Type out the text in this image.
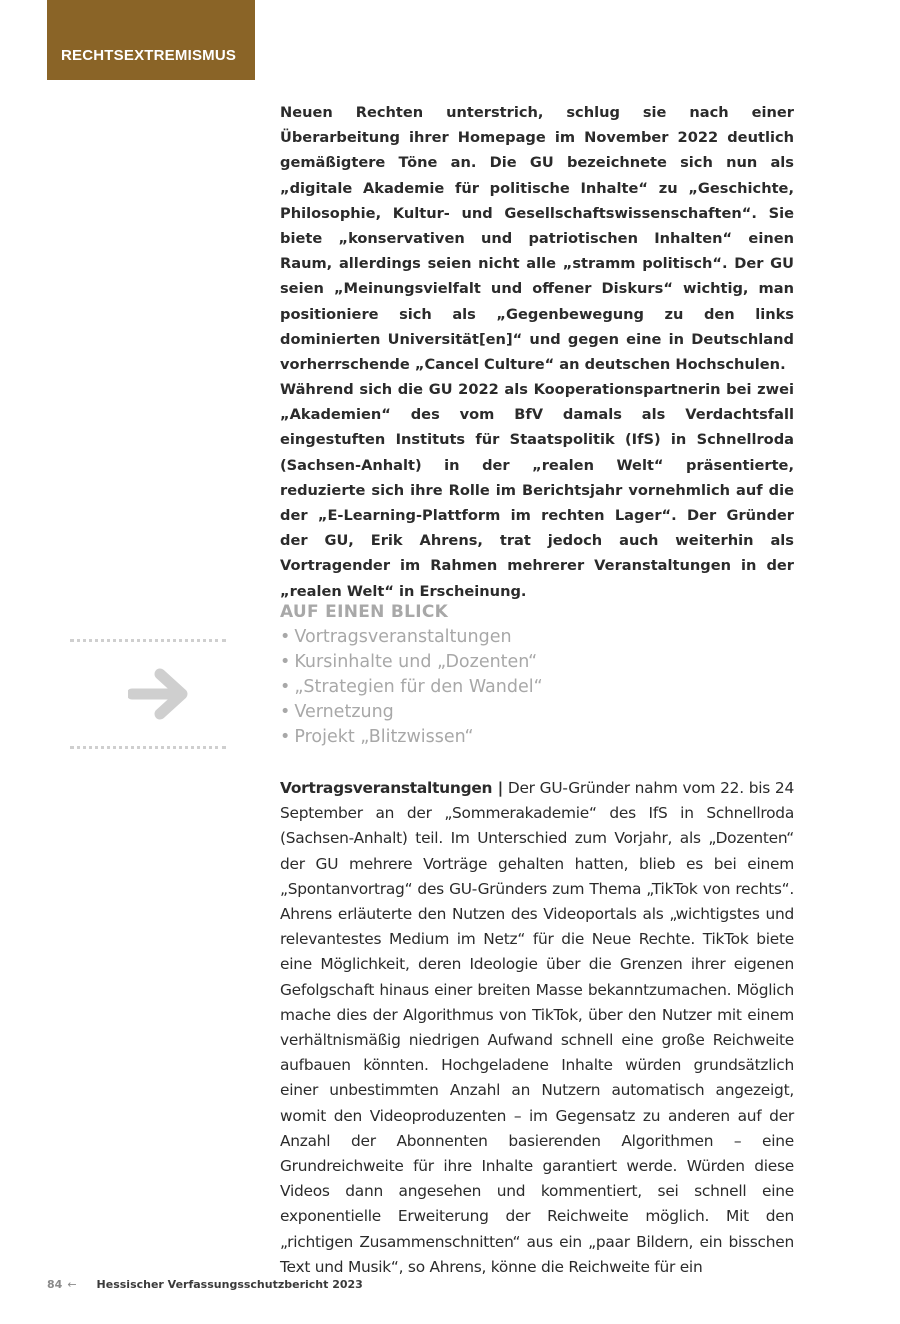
RECHTSEXTREMISMUS

Neuen Rechten unterstrich, schlug sie nach einer Überarbeitung ihrer Homepage im November 2022 deutlich gemäßigtere Töne an. Die GU bezeichnete sich nun als „digitale Akademie für politische Inhalte“ zu „Geschichte, Philosophie, Kultur- und Gesellschaftswissenschaften“. Sie biete „konservativen und patriotischen Inhalten“ einen Raum, allerdings seien nicht alle „stramm politisch“. Der GU seien „Meinungsvielfalt und offener Diskurs“ wichtig, man positioniere sich als „Gegenbewegung zu den links dominierten Universität[en]“ und gegen eine in Deutschland vorherrschende „Cancel Culture“ an deutschen Hochschulen.

Während sich die GU 2022 als Kooperationspartnerin bei zwei „Akademien“ des vom BfV damals als Verdachtsfall eingestuften Instituts für Staatspolitik (IfS) in Schnellroda (Sachsen-Anhalt) in der „realen Welt“ präsentierte, reduzierte sich ihre Rolle im Berichtsjahr vornehmlich auf die der „E-Learning-Plattform im rechten Lager“. Der Gründer der GU, Erik Ahrens, trat jedoch auch weiterhin als Vortragender im Rahmen mehrerer Veranstaltungen in der „realen Welt“ in Erscheinung.

AUF EINEN BLICK
• Vortragsveranstaltungen
• Kursinhalte und „Dozenten“
• „Strategien für den Wandel“
• Vernetzung
• Projekt „Blitzwissen“

Vortragsveranstaltungen | Der GU-Gründer nahm vom 22. bis 24 September an der „Sommerakademie“ des IfS in Schnellroda (Sachsen-Anhalt) teil. Im Unterschied zum Vorjahr, als „Dozenten“ der GU mehrere Vorträge gehalten hatten, blieb es bei einem „Spontanvortrag“ des GU-Gründers zum Thema „TikTok von rechts“. Ahrens erläuterte den Nutzen des Videoportals als „wichtigstes und relevantestes Medium im Netz“ für die Neue Rechte. TikTok biete eine Möglichkeit, deren Ideologie über die Grenzen ihrer eigenen Gefolgschaft hinaus einer breiten Masse bekanntzumachen. Möglich mache dies der Algorithmus von TikTok, über den Nutzer mit einem verhältnismäßig niedrigen Aufwand schnell eine große Reichweite aufbauen könnten. Hochgeladene Inhalte würden grundsätzlich einer unbestimmten Anzahl an Nutzern automatisch angezeigt, womit den Videoproduzenten – im Gegensatz zu anderen auf der Anzahl der Abonnenten basierenden Algorithmen – eine Grundreichweite für ihre Inhalte garantiert werde. Würden diese Videos dann angesehen und kommentiert, sei schnell eine exponentielle Erweiterung der Reichweite möglich. Mit den „richtigen Zusammenschnitten“ aus ein „paar Bildern, ein bisschen Text und Musik“, so Ahrens, könne die Reichweite für ein

84 ← Hessischer Verfassungsschutzbericht 2023
